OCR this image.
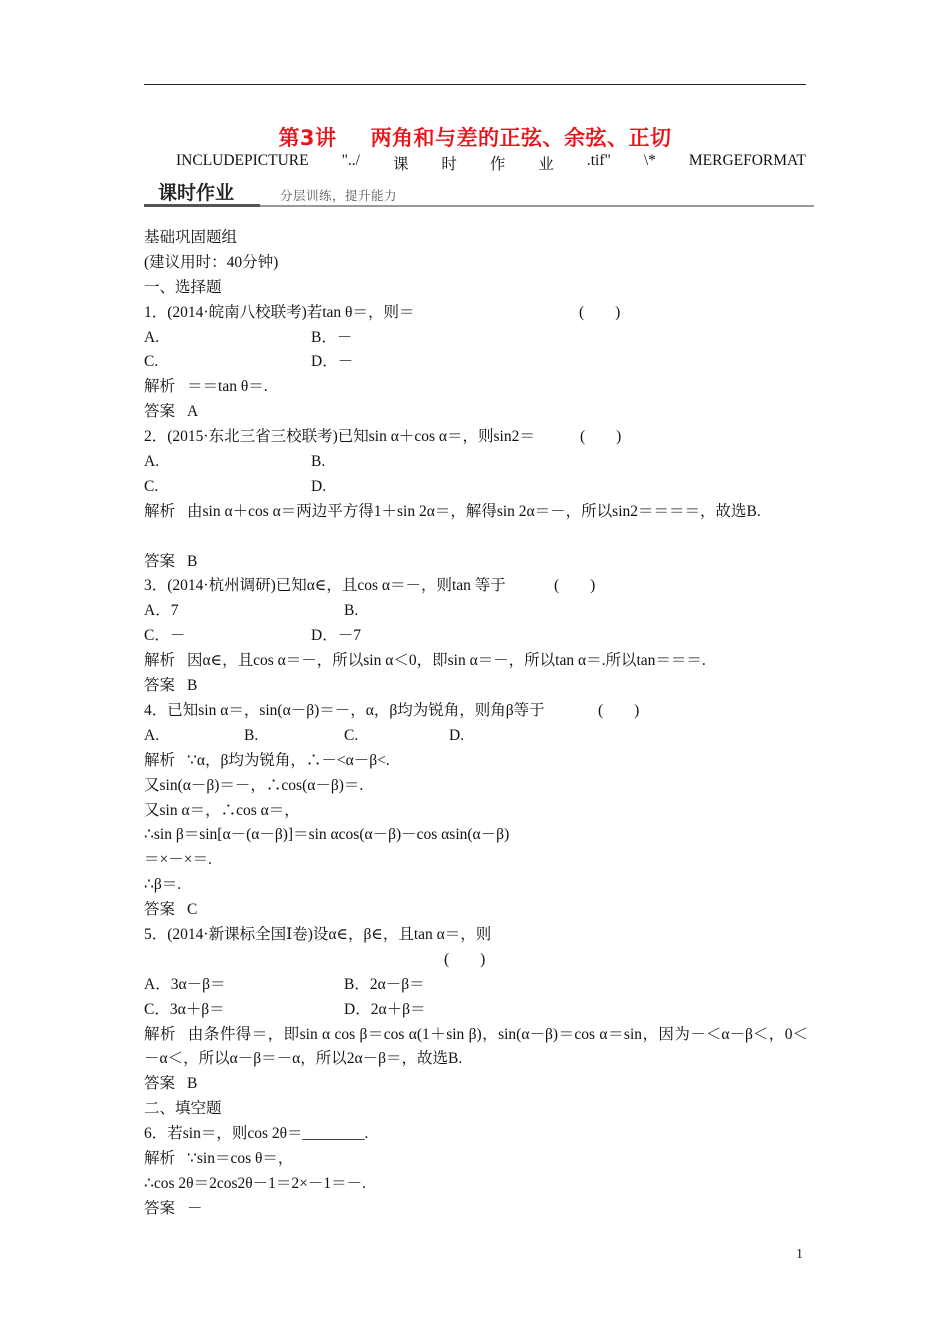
第3讲 两角和与差的正弦、余弦、正切
INCLUDEPICTURE "../ 课 时 作 业 .tif" \* MERGEFORMAT
课时作业	分层训练，提升能力
基础巩固题组
(建议用时：40分钟)
一、选择题
1．(2014·皖南八校联考)若tan θ＝，则＝	(　　)
A.	B．－
C.	D．－
解析 ＝＝tan θ＝.
答案 A
2．(2015·东北三省三校联考)已知sin α＋cos α＝，则sin2＝	(　　)
A.	B.
C.	D.
解析 由sin α＋cos α＝两边平方得1＋sin 2α＝，解得sin 2α＝－，所以sin2＝＝＝＝，故选B.
答案 B
3．(2014·杭州调研)已知α∈，且cos α＝－，则tan 等于	(　　)
A．7	B.
C．－	D．－7
解析 因α∈，且cos α＝－，所以sin α＜0，即sin α＝－，所以tan α＝.所以tan＝＝＝.
答案 B
4．已知sin α＝，sin(α－β)＝－，α，β均为锐角，则角β等于	(　　)
A.	B.	C.	D.
解析 ∵α，β均为锐角，∴－<α－β<.
又sin(α－β)＝－，∴cos(α－β)＝.
又sin α＝，∴cos α＝，
∴sin β＝sin[α－(α－β)]＝sin αcos(α－β)－cos αsin(α－β)
＝×－×＝.
∴β＝.
答案 C
5．(2014·新课标全国Ⅰ卷)设α∈，β∈，且tan α＝，则
(　　)
A．3α－β＝	B．2α－β＝
C．3α＋β＝	D．2α＋β＝
解析 由条件得＝，即sin α cos β＝cos α(1＋sin β)，sin(α－β)＝cos α＝sin，因为－＜α－β＜，0＜－α＜，所以α－β＝－α，所以2α－β＝，故选B.
答案 B
二、填空题
6．若sin＝，则cos 2θ＝________.
解析 ∵sin＝cos θ＝，
∴cos 2θ＝2cos2θ－1＝2×－1＝－.
答案 －
1
